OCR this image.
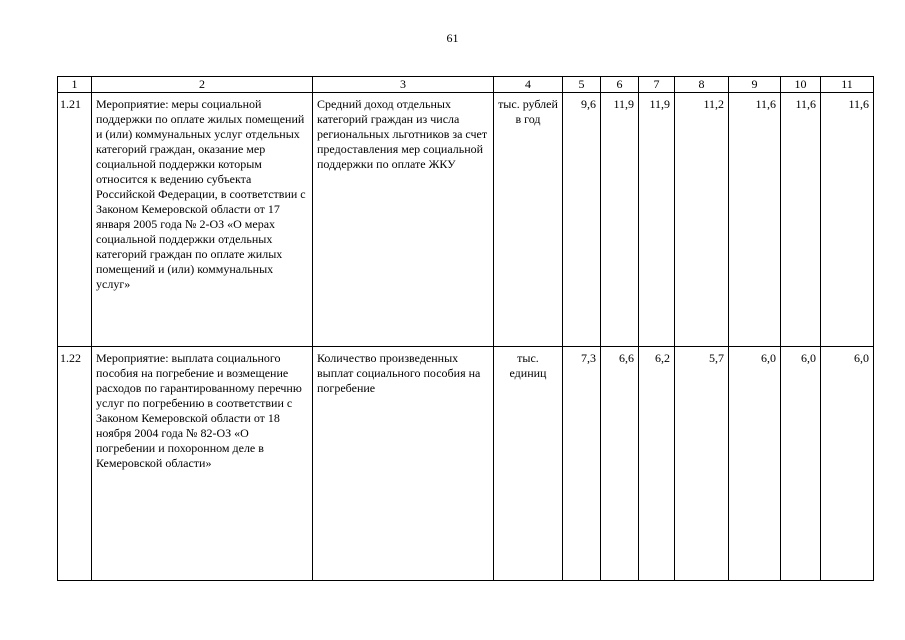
61
1	2	3	4	5	6	7	8	9	10	11
1.21	Мероприятие: меры социальной поддержки по оплате жилых помещений и (или) коммунальных услуг отдельных категорий граждан, оказание мер социальной поддержки которым относится к ведению субъекта Российской Федерации, в соответствии с Законом Кемеровской области от 17 января 2005 года № 2-ОЗ «О мерах социальной поддержки отдельных категорий граждан по оплате жилых помещений и (или) коммунальных услуг»	Средний доход отдельных категорий граждан из числа региональных льготников за счет предоставления мер социальной поддержки по оплате ЖКУ	тыс. рублей в год	9,6	11,9	11,9	11,2	11,6	11,6	11,6
1.22	Мероприятие: выплата социального пособия на погребение и возмещение расходов по гарантированному перечню услуг по погребению в соответствии с Законом Кемеровской области от 18 ноября 2004 года № 82-ОЗ «О погребении и похоронном деле в Кемеровской области»	Количество произведенных выплат социального пособия на погребение	тыс. единиц	7,3	6,6	6,2	5,7	6,0	6,0	6,0
